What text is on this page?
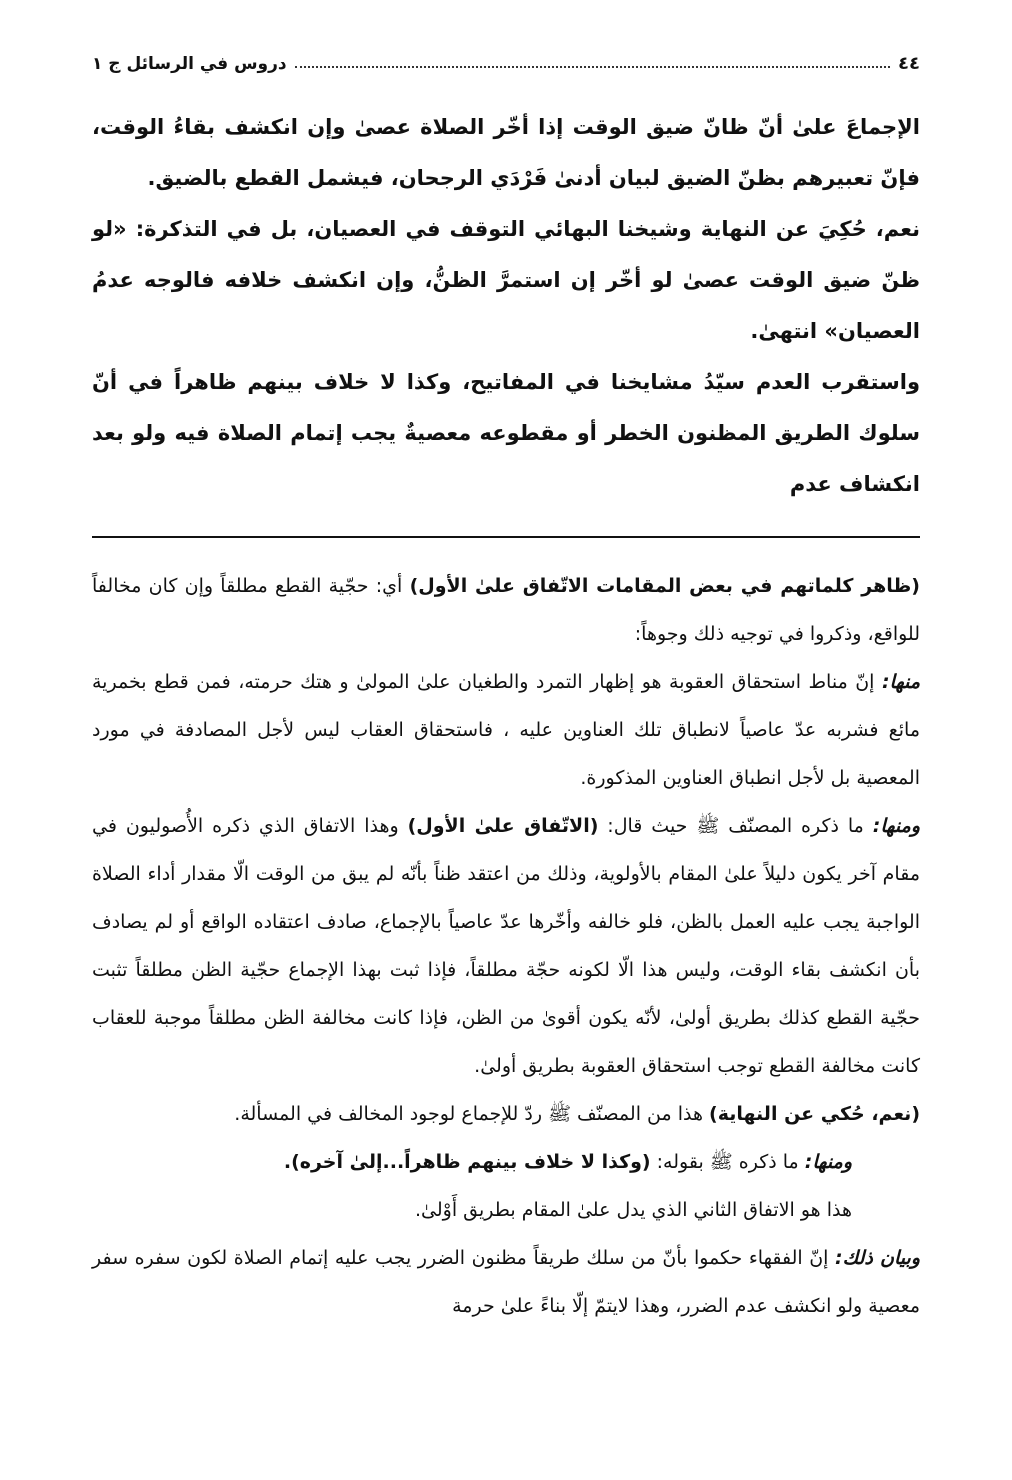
٤٤
دروس في الرسائل ج ١

الإجماعَ علىٰ أنّ ظانّ ضيق الوقت إذا أخّر الصلاة عصىٰ وإن انكشف بقاءُ الوقت، فإنّ تعبيرهم بظنّ الضيق لبيان أدنىٰ فَرْدَي الرجحان، فيشمل القطع بالضيق.

نعم، حُكِيَ عن النهاية وشيخنا البهائي التوقف في العصيان، بل في التذكرة: «لو ظنّ ضيق الوقت عصىٰ لو أخّر إن استمرَّ الظنُّ، وإن انكشف خلافه فالوجه عدمُ العصيان» انتهىٰ.

واستقرب العدم سيّدُ مشايخنا في المفاتيح، وكذا لا خلاف بينهم ظاهراً في أنّ سلوك الطريق المظنون الخطر أو مقطوعه معصيةٌ يجب إتمام الصلاة فيه ولو بعد انكشاف عدم

(ظاهر كلماتهم في بعض المقامات الاتّفاق علىٰ الأول) أي: حجّية القطع مطلقاً وإن كان مخالفاً للواقع، وذكروا في توجيه ذلك وجوهاً:

منها: إنّ مناط استحقاق العقوبة هو إظهار التمرد والطغيان علىٰ المولىٰ و هتك حرمته، فمن قطع بخمرية مائع فشربه عدّ عاصياً لانطباق تلك العناوين عليه ، فاستحقاق العقاب ليس لأجل المصادفة في مورد المعصية بل لأجل انطباق العناوين المذكورة.

ومنها: ما ذكره المصنّف ﷺ حيث قال: (الاتّفاق علىٰ الأول) وهذا الاتفاق الذي ذكره الأُصوليون في مقام آخر يكون دليلاً علىٰ المقام بالأولوية، وذلك من اعتقد ظناً بأنّه لم يبق من الوقت الّا مقدار أداء الصلاة الواجبة يجب عليه العمل بالظن، فلو خالفه وأخّرها عدّ عاصياً بالإجماع، صادف اعتقاده الواقع أو لم يصادف بأن انكشف بقاء الوقت، وليس هذا الّا لكونه حجّة مطلقاً، فإذا ثبت بهذا الإجماع حجّية الظن مطلقاً تثبت حجّية القطع كذلك بطريق أولىٰ، لأنّه يكون أقوىٰ من الظن، فإذا كانت مخالفة الظن مطلقاً موجبة للعقاب كانت مخالفة القطع توجب استحقاق العقوبة بطريق أولىٰ.

(نعم، حُكي عن النهاية) هذا من المصنّف ﷺ ردّ للإجماع لوجود المخالف في المسألة.

ومنها: ما ذكره ﷺ بقوله: (وكذا لا خلاف بينهم ظاهراً...إلىٰ آخره).

هذا هو الاتفاق الثاني الذي يدل علىٰ المقام بطريق أَوْلىٰ.

وبيان ذلك: إنّ الفقهاء حكموا بأنّ من سلك طريقاً مظنون الضرر يجب عليه إتمام الصلاة لكون سفره سفر معصية ولو انكشف عدم الضرر، وهذا لايتمّ إلّا بناءً علىٰ حرمة
